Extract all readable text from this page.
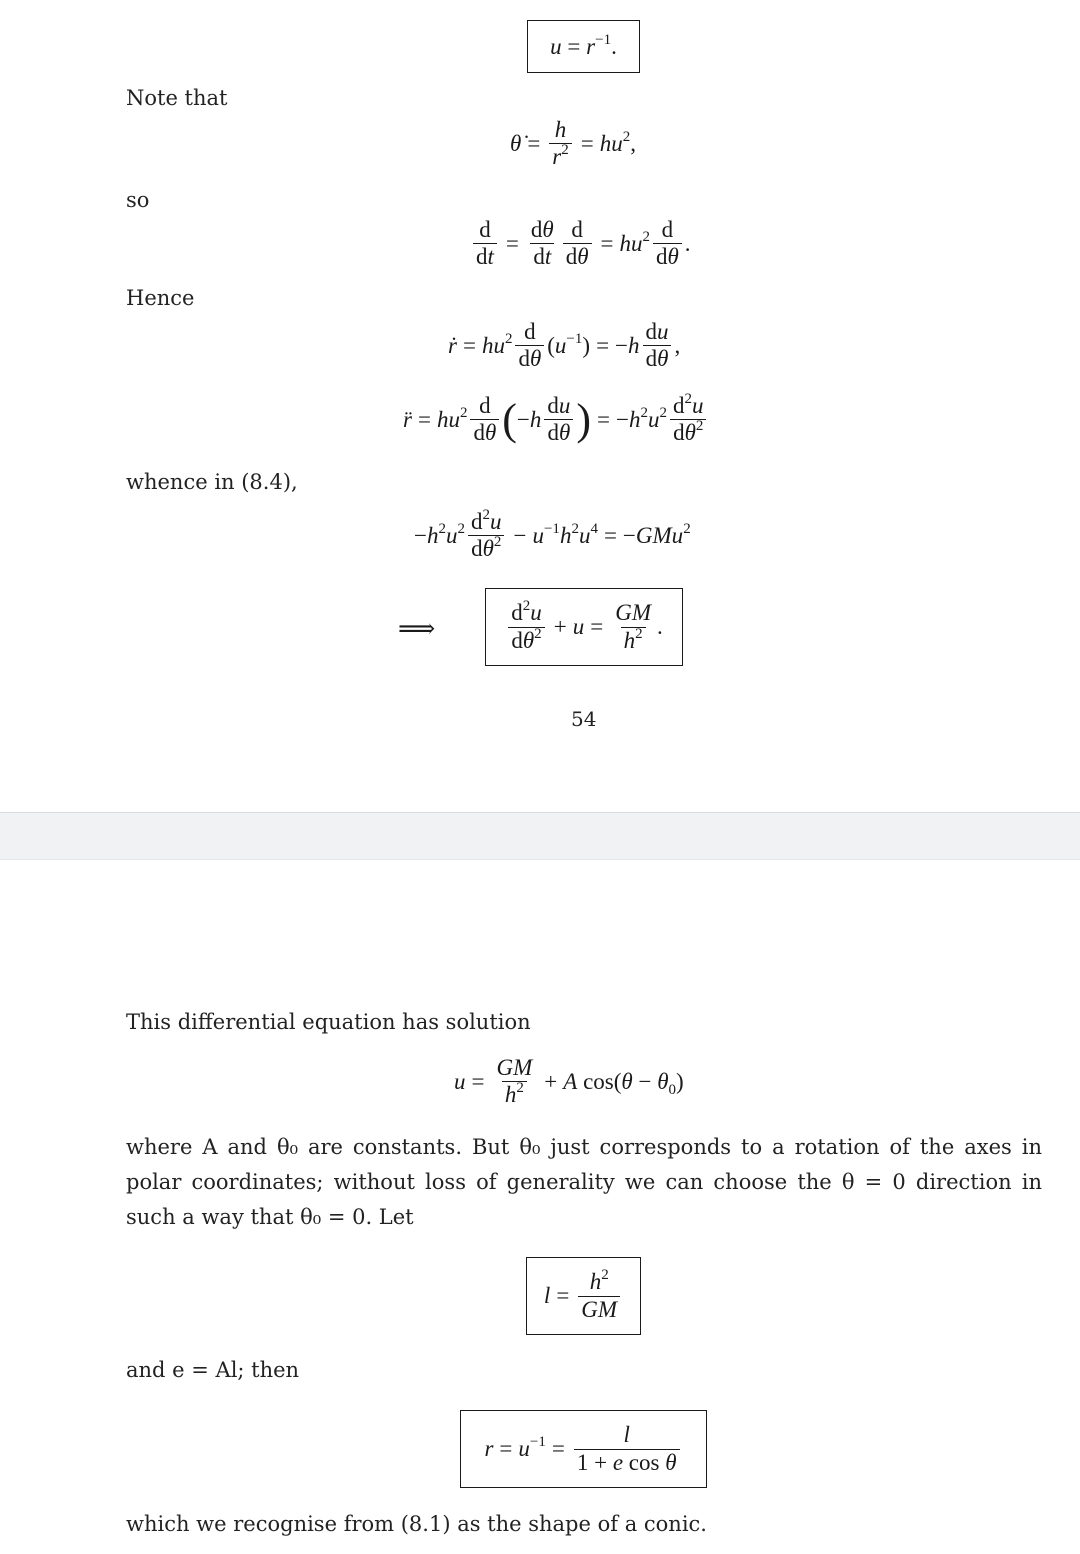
$u = r^{-1}$.
Note that
θ̇ = $\frac{h}{r^2} = hu^2$,
so
$\frac{d}{dt} = \frac{d\theta}{dt} \frac{d}{d\theta} = hu^2 \frac{d}{d\theta}$ .
Hence
ṙ = $hu^2 \frac{d}{d\theta} (u^{-1}) = -h \frac{du}{d\theta}$ ,
r̈ = $hu^2 \frac{d}{d\theta}$ ( $-h \frac{du}{d\theta}$ ) = $-h^2u^2 \frac{d^2u}{d\theta^2}$
whence in (8.4),
$-h^2u^2 \frac{d^2u}{d\theta^2} - u^{-1}h^2u^4 = -GMu^2$
⟹	$\frac{d^2u}{d\theta^2} + u = \frac{GM}{h^2}$ .
54
This differential equation has solution
$u = \frac{GM}{h^2} + A$ $\cos(\theta - \theta_0)$
where A and θ₀ are constants. But θ₀ just corresponds to a rotation of the axes in polar coordinates; without loss of generality we can choose the θ = 0 direction in such a way that θ₀ = 0. Let
$l = \frac{h^2}{GM}$
and e = Al; then
$r = u^{-1} = \frac{l}{\text{1 + e cos θ}}$
which we recognise from (8.1) as the shape of a conic.
